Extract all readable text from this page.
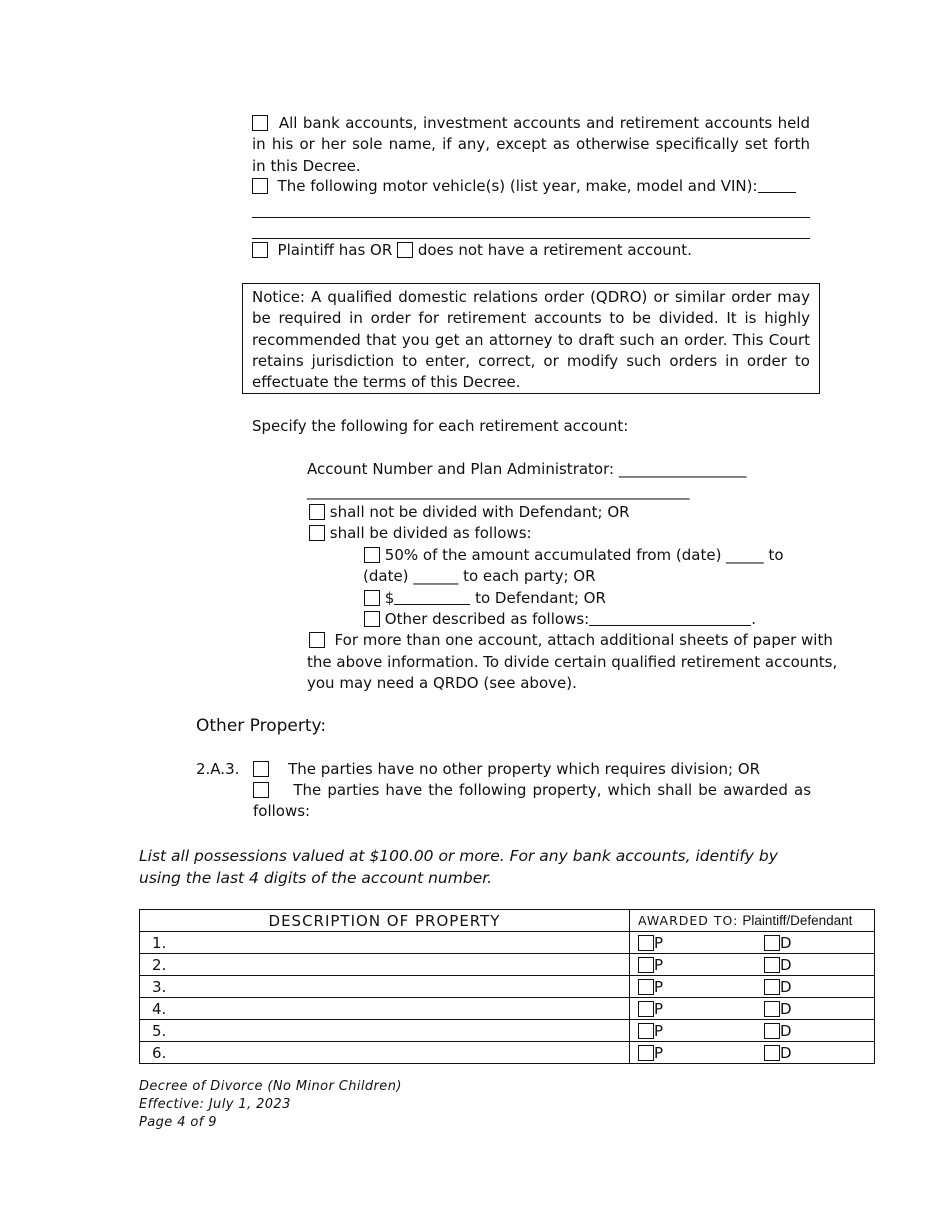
All bank accounts, investment accounts and retirement accounts held in his or her sole name, if any, except as otherwise specifically set forth in this Decree.
The following motor vehicle(s) (list year, make, model and VIN):
Plaintiff has OR does not have a retirement account.
Notice: A qualified domestic relations order (QDRO) or similar order may be required in order for retirement accounts to be divided. It is highly recommended that you get an attorney to draft such an order. This Court retains jurisdiction to enter, correct, or modify such orders in order to effectuate the terms of this Decree.
Specify the following for each retirement account:
Account Number and Plan Administrator: _________________
___________________________________________________
shall not be divided with Defendant; OR
shall be divided as follows:
50% of the amount accumulated from (date) _____ to
(date) ______ to each party; OR
$	to Defendant; OR
Other described as follows:	.
For more than one account, attach additional sheets of paper with the above information. To divide certain qualified retirement accounts, you may need a QRDO (see above).
Other Property:
2.A.3.	The parties have no other property which requires division; OR
The parties have the following property, which shall be awarded as follows:
List all possessions valued at $100.00 or more. For any bank accounts, identify by using the last 4 digits of the account number.
DESCRIPTION OF PROPERTY	AWARDED TO: Plaintiff/Defendant
1.	P D

2.	P D

3.	P D

4.	P D

5.	P D

6.	P D
Decree of Divorce (No Minor Children)
Effective: July 1, 2023
Page 4 of 9
